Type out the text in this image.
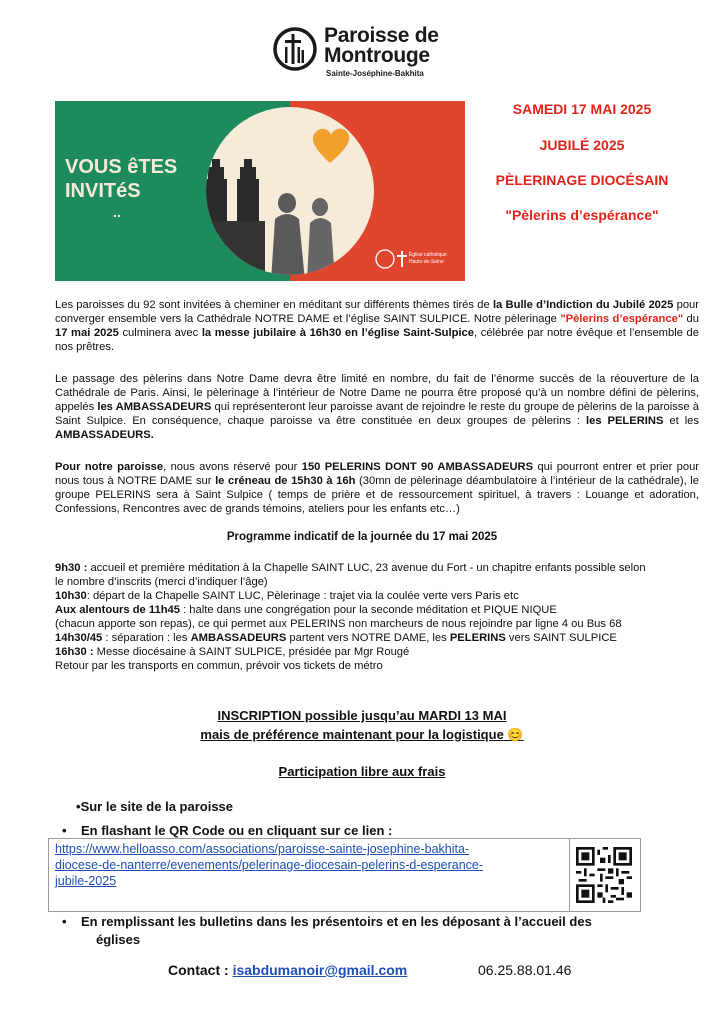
Paroisse de
Montrouge
Sainte-Joséphine-Bakhita
Église catholique
Hauts-de-Seine
VOUS êTES
INVITéS
..
SAMEDI 17 MAI 2025
JUBILÉ 2025
PÈLERINAGE DIOCÉSAIN
"Pèlerins d’espérance"
Les paroisses du 92 sont invitées à cheminer en méditant sur différents thèmes tirés de la Bulle d’Indiction du Jubilé 2025 pour converger ensemble vers la Cathédrale NOTRE DAME et l’église SAINT SULPICE. Notre pèlerinage "Pèlerins d’espérance" du 17 mai 2025 culminera avec la messe jubilaire à 16h30 en l’église Saint-Sulpice, célébrée par notre évêque et l’ensemble de nos prêtres.
Le passage des pèlerins dans Notre Dame devra être limité en nombre, du fait de l’énorme succès de la réouverture de la Cathédrale de Paris. Ainsi, le pèlerinage à l’intérieur de Notre Dame ne pourra être proposé qu’à un nombre défini de pèlerins, appelés les AMBASSADEURS qui représenteront leur paroisse avant de rejoindre le reste du groupe de pèlerins de la paroisse à Saint Sulpice. En conséquence, chaque paroisse va être constituée en deux groupes de pèlerins : les PELERINS et les AMBASSADEURS.
Pour notre paroisse, nous avons réservé pour 150 PELERINS DONT 90 AMBASSADEURS qui pourront entrer et prier pour nous tous à NOTRE DAME sur le créneau de 15h30 à 16h (30mn de pèlerinage déambulatoire à l’intérieur de la cathédrale), le groupe PELERINS sera à Saint Sulpice ( temps de prière et de ressourcement spirituel, à travers : Louange et adoration, Confessions, Rencontres avec de grands témoins, ateliers pour les enfants etc…)
Programme indicatif de la journée du 17 mai 2025
9h30 : accueil et première méditation à la Chapelle SAINT LUC, 23 avenue du Fort - un chapitre enfants possible selon
le nombre d’inscrits (merci d’indiquer l’âge)
10h30: départ de la Chapelle SAINT LUC, Pèlerinage : trajet via la coulée verte vers Paris etc
Aux alentours de 11h45 : halte dans une congrégation pour la seconde méditation et PIQUE NIQUE
(chacun apporte son repas), ce qui permet aux PELERINS non marcheurs de nous rejoindre par ligne 4 ou Bus 68
14h30/45 : séparation : les AMBASSADEURS partent vers NOTRE DAME, les PELERINS vers SAINT SULPICE
16h30 : Messe diocésaine à SAINT SULPICE, présidée par Mgr Rougé
Retour par les transports en commun, prévoir vos tickets de métro
INSCRIPTION possible jusqu’au MARDI 13 MAI
mais de préférence maintenant pour la logistique 😊
Participation libre aux frais
•Sur le site de la paroisse
•    En flashant le QR Code ou en cliquant sur ce lien :
https://www.helloasso.com/associations/paroisse-sainte-josephine-bakhita-
diocese-de-nanterre/evenements/pelerinage-diocesain-pelerins-d-esperance-
jubile-2025
•    En remplissant les bulletins dans les présentoirs et en les déposant à l’accueil des
églises
Contact : isabdumanoir@gmail.com	06.25.88.01.46
